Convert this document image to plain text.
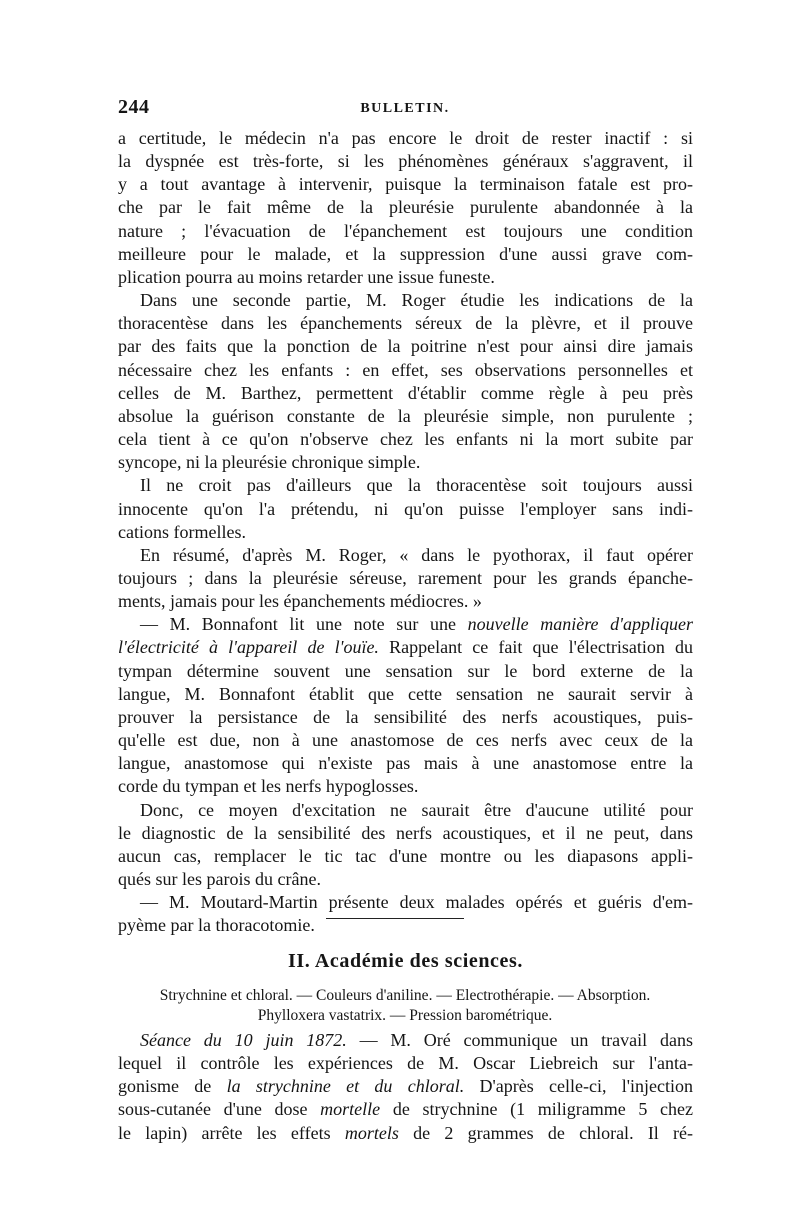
244	BULLETIN.
a certitude, le médecin n'a pas encore le droit de rester inactif : si
la dyspnée est très-forte, si les phénomènes généraux s'aggravent, il
y a tout avantage à intervenir, puisque la terminaison fatale est pro-
che par le fait même de la pleurésie purulente abandonnée à la
nature ; l'évacuation de l'épanchement est toujours une condition
meilleure pour le malade, et la suppression d'une aussi grave com-
plication pourra au moins retarder une issue funeste.
Dans une seconde partie, M. Roger étudie les indications de la
thoracentèse dans les épanchements séreux de la plèvre, et il prouve
par des faits que la ponction de la poitrine n'est pour ainsi dire jamais
nécessaire chez les enfants : en effet, ses observations personnelles et
celles de M. Barthez, permettent d'établir comme règle à peu près
absolue la guérison constante de la pleurésie simple, non purulente ;
cela tient à ce qu'on n'observe chez les enfants ni la mort subite par
syncope, ni la pleurésie chronique simple.
Il ne croit pas d'ailleurs que la thoracentèse soit toujours aussi
innocente qu'on l'a prétendu, ni qu'on puisse l'employer sans indi-
cations formelles.
En résumé, d'après M. Roger, « dans le pyothorax, il faut opérer
toujours ; dans la pleurésie séreuse, rarement pour les grands épanche-
ments, jamais pour les épanchements médiocres. »
— M. Bonnafont lit une note sur une nouvelle manière d'appliquer
l'électricité à l'appareil de l'ouïe. Rappelant ce fait que l'électrisation du
tympan détermine souvent une sensation sur le bord externe de la
langue, M. Bonnafont établit que cette sensation ne saurait servir à
prouver la persistance de la sensibilité des nerfs acoustiques, puis-
qu'elle est due, non à une anastomose de ces nerfs avec ceux de la
langue, anastomose qui n'existe pas mais à une anastomose entre la
corde du tympan et les nerfs hypoglosses.
Donc, ce moyen d'excitation ne saurait être d'aucune utilité pour
le diagnostic de la sensibilité des nerfs acoustiques, et il ne peut, dans
aucun cas, remplacer le tic tac d'une montre ou les diapasons appli-
qués sur les parois du crâne.
— M. Moutard-Martin présente deux malades opérés et guéris d'em-
pyème par la thoracotomie.
II. Académie des sciences.
Strychnine et chloral. — Couleurs d'aniline. — Electrothérapie. — Absorption.
Phylloxera vastatrix. — Pression barométrique.
Séance du 10 juin 1872. — M. Oré communique un travail dans
lequel il contrôle les expériences de M. Oscar Liebreich sur l'anta-
gonisme de la strychnine et du chloral. D'après celle-ci, l'injection
sous-cutanée d'une dose mortelle de strychnine (1 miligramme 5 chez
le lapin) arrête les effets mortels de 2 grammes de chloral. Il ré-
